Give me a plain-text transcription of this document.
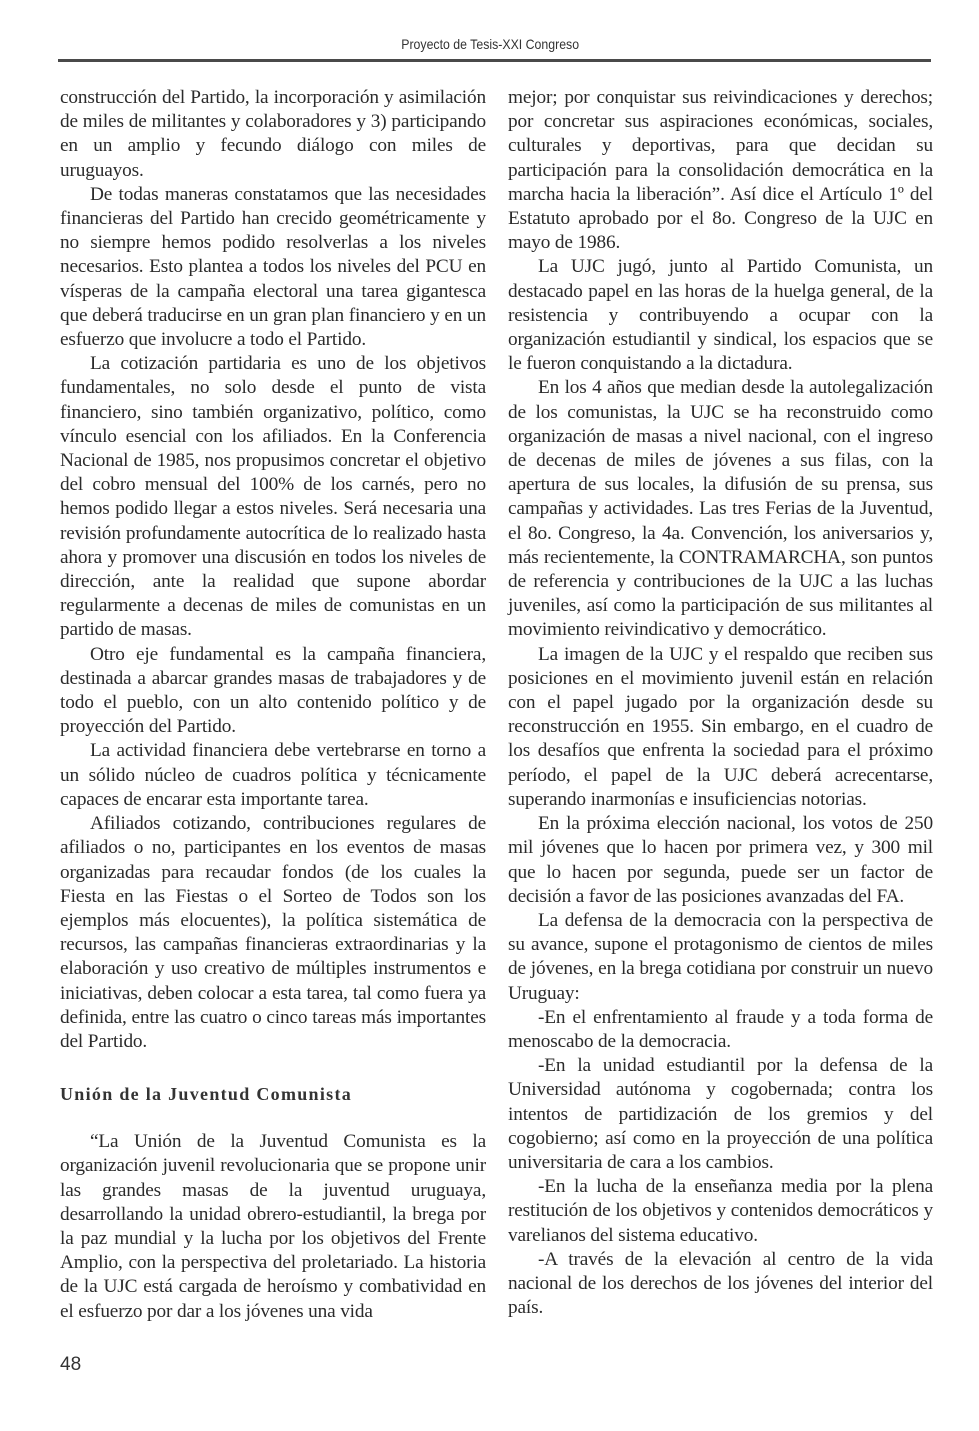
Proyecto de Tesis-XXI Congreso

construcción del Partido, la incorporación y asimilación de miles de militantes y colaboradores y 3) participando en un amplio y fecundo diálogo con miles de uruguayos.

De todas maneras constatamos que las necesidades financieras del Partido han crecido geométricamente y no siempre hemos podido resolverlas a los niveles necesarios. Esto plantea a todos los niveles del PCU en vísperas de la campaña electoral una tarea gigantesca que deberá traducirse en un gran plan financiero y en un esfuerzo que involucre a todo el Partido.

La cotización partidaria es uno de los objetivos fundamentales, no solo desde el punto de vista financiero, sino también organizativo, político, como vínculo esencial con los afiliados. En la Conferencia Nacional de 1985, nos propusimos concretar el objetivo del cobro mensual del 100% de los carnés, pero no hemos podido llegar a estos niveles. Será necesaria una revisión profundamente autocrítica de lo realizado hasta ahora y promover una discusión en todos los niveles de dirección, ante la realidad que supone abordar regularmente a decenas de miles de comunistas en un partido de masas.

Otro eje fundamental es la campaña financiera, destinada a abarcar grandes masas de trabajadores y de todo el pueblo, con un alto contenido político y de proyección del Partido.

La actividad financiera debe vertebrarse en torno a un sólido núcleo de cuadros política y técnicamente capaces de encarar esta importante tarea.

Afiliados cotizando, contribuciones regulares de afiliados o no, participantes en los eventos de masas organizadas para recaudar fondos (de los cuales la Fiesta en las Fiestas o el Sorteo de Todos son los ejemplos más elocuentes), la política sistemática de recursos, las campañas financieras extraordinarias y la elaboración y uso creativo de múltiples instrumentos e iniciativas, deben colocar a esta tarea, tal como fuera ya definida, entre las cuatro o cinco tareas más importantes del Partido.

Unión de la Juventud Comunista

“La Unión de la Juventud Comunista es la organización juvenil revolucionaria que se propone unir las grandes masas de la juventud uruguaya, desarrollando la unidad obrero-estudiantil, la brega por la paz mundial y la lucha por los objetivos del Frente Amplio, con la perspectiva del proletariado. La historia de la UJC está cargada de heroísmo y combatividad en el esfuerzo por dar a los jóvenes una vida

mejor; por conquistar sus reivindicaciones y derechos; por concretar sus aspiraciones económicas, sociales, culturales y deportivas, para que decidan su participación para la consolidación democrática en la marcha hacia la liberación”. Así dice el Artículo 1º del Estatuto aprobado por el 8o. Congreso de la UJC en mayo de 1986.

La UJC jugó, junto al Partido Comunista, un destacado papel en las horas de la huelga general, de la resistencia y contribuyendo a ocupar con la organización estudiantil y sindical, los espacios que se le fueron conquistando a la dictadura.

En los 4 años que median desde la autolegalización de los comunistas, la UJC se ha reconstruido como organización de masas a nivel nacional, con el ingreso de decenas de miles de jóvenes a sus filas, con la apertura de sus locales, la difusión de su prensa, sus campañas y actividades. Las tres Ferias de la Juventud, el 8o. Congreso, la 4a. Convención, los aniversarios y, más recientemente, la CONTRAMARCHA, son puntos de referencia y contribuciones de la UJC a las luchas juveniles, así como la participación de sus militantes al movimiento reivindicativo y democrático.

La imagen de la UJC y el respaldo que reciben sus posiciones en el movimiento juvenil están en relación con el papel jugado por la organización desde su reconstrucción en 1955. Sin embargo, en el cuadro de los desafíos que enfrenta la sociedad para el próximo período, el papel de la UJC deberá acrecentarse, superando inarmonías e insuficiencias notorias.

En la próxima elección nacional, los votos de 250 mil jóvenes que lo hacen por primera vez, y 300 mil que lo hacen por segunda, puede ser un factor de decisión a favor de las posiciones avanzadas del FA.

La defensa de la democracia con la perspectiva de su avance, supone el protagonismo de cientos de miles de jóvenes, en la brega cotidiana por construir un nuevo Uruguay:

-En el enfrentamiento al fraude y a toda forma de menoscabo de la democracia.

-En la unidad estudiantil por la defensa de la Universidad autónoma y cogobernada; contra los intentos de partidización de los gremios y del cogobierno; así como en la proyección de una política universitaria de cara a los cambios.

-En la lucha de la enseñanza media por la plena restitución de los objetivos y contenidos democráticos y varelianos del sistema educativo.

-A través de la elevación al centro de la vida nacional de los derechos de los jóvenes del interior del país.

48
